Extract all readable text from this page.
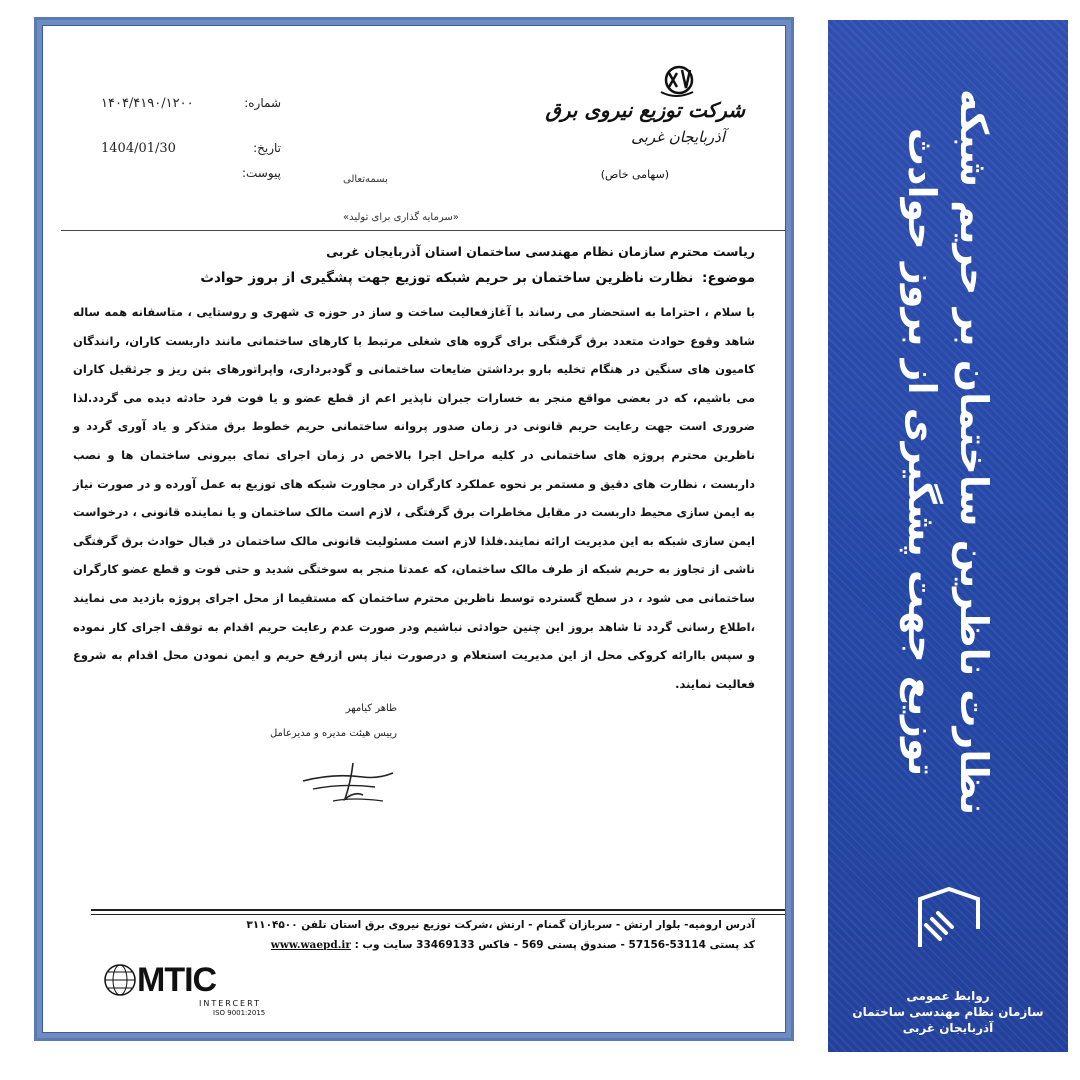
شماره:
۱۴۰۴/۴۱۹۰/۱۲۰۰
تاریخ:
1404/01/30
پیوست:
شرکت توزیع نیروی برق
آذربایجان غربی
(سهامی خاص)
بسمه‌تعالی
«سرمایه گذاری برای تولید»
ریاست محترم سازمان نظام مهندسی ساختمان استان آذربایجان غربی
موضوع: نظارت ناظرین ساختمان بر حریم شبکه توزیع جهت پشگیری از بروز حوادث
با سلام ، احتراما به استحضار می رساند با آغازفعالیت ساخت و ساز در حوزه ی شهری و روستایی ، متاسفانه همه ساله شاهد وقوع حوادث متعدد برق گرفتگی برای گروه های شغلی مرتبط با کارهای ساختمانی مانند داربست کاران، رانندگان کامیون های سنگین در هنگام تخلیه بارو برداشتن ضایعات ساختمانی و گودبرداری، واپراتورهای بتن ریز و جرثقیل کاران می باشیم، که در بعضی مواقع منجر به خسارات جبران ناپذیر اعم از قطع عضو و یا فوت فرد حادثه دیده می گردد.لذا ضروری است جهت رعایت حریم قانونی در زمان صدور پروانه ساختمانی حریم خطوط برق متذکر و یاد آوری گردد و ناظرین محترم پروژه های ساختمانی در کلیه مراحل اجرا بالاخص در زمان اجرای نمای بیرونی ساختمان ها و نصب داربست ، نظارت های دقیق و مستمر بر نحوه عملکرد کارگران در مجاورت شبکه های توزیع به عمل آورده و در صورت نیاز به ایمن سازی محیط داربست در مقابل مخاطرات برق گرفتگی ، لازم است مالک ساختمان و یا نماینده قانونی ، درخواست ایمن سازی شبکه به این مدیریت ارائه نمایند.فلذا لازم است مسئولیت قانونی مالک ساختمان در قبال حوادث برق گرفتگی ناشی از تجاوز به حریم شبکه از طرف مالک ساختمان، که عمدتا منجر به سوختگی شدید و حتی فوت و قطع عضو کارگران ساختمانی می شود ، در سطح گسترده توسط ناظرین محترم ساختمان که مستقیما از محل اجرای پروژه بازدید می نمایند ،اطلاع رسانی گردد تا شاهد بروز این چنین حوادثی نباشیم ودر صورت عدم رعایت حریم اقدام به توقف اجرای کار نموده و سپس باارائه کروکی محل از این مدیریت استعلام و درصورت نیاز پس ازرفع حریم و ایمن نمودن محل اقدام به شروع فعالیت نمایند.
طاهر کیامهر
رییس هیئت مدیره و مدیرعامل
آدرس ارومیه- بلوار ارتش - سربازان گمنام - ارتش ،شرکت توزیع نیروی برق استان تلفن ۳۱۱۰۴۵۰۰
کد پستی 53114-57156 - صندوق پستی 569 - فاکس 33469133 سایت وب : www.waepd.ir
MTIC
INTERCERT
ISO 9001:2015
نظارت ناظرین ساختمان بر حریم شبکه
توزیع جهت پشگیری از بروز حوادث
روابط عمومی
سازمان نظام مهندسی ساختمان
آذربایجان غربی
